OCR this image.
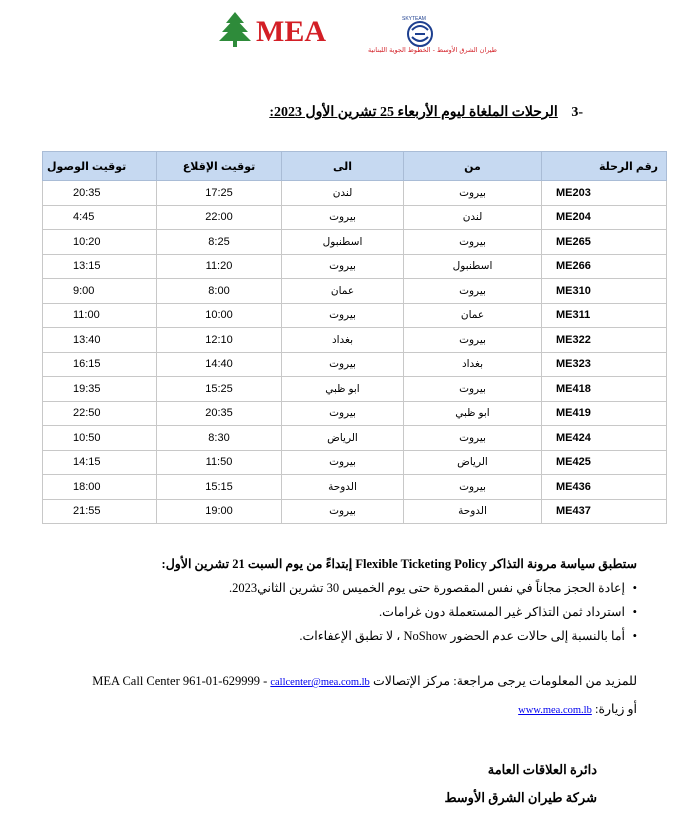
MEA
طيران الشرق الأوسط - الخطوط الجوية اللبنانية
SKYTEAM
-3 الرحلات الملغاة ليوم الأربعاء 25 تشرين الأول 2023:
رقم الرحلة	من	الى	توقيت الإقلاع	توقيت الوصول
ME203	بيروت	لندن	17:25	20:35
ME204	لندن	بيروت	22:00	4:45
ME265	بيروت	اسطنبول	8:25	10:20
ME266	اسطنبول	بيروت	11:20	13:15
ME310	بيروت	عمان	8:00	9:00
ME311	عمان	بيروت	10:00	11:00
ME322	بيروت	بغداد	12:10	13:40
ME323	بغداد	بيروت	14:40	16:15
ME418	بيروت	ابو ظبي	15:25	19:35
ME419	ابو ظبي	بيروت	20:35	22:50
ME424	بيروت	الرياض	8:30	10:50
ME425	الرياض	بيروت	11:50	14:15
ME436	بيروت	الدوحة	15:15	18:00
ME437	الدوحة	بيروت	19:00	21:55
ستطبق سياسة مرونة التذاكر Flexible Ticketing Policy إبتداءً من يوم السبت 21 تشرين الأول:
• إعادة الحجز مجاناً في نفس المقصورة حتى يوم الخميس 30 تشرين الثاني2023.
• استرداد ثمن التذاكر غير المستعملة دون غرامات.
• أما بالنسبة إلى حالات عدم الحضور NoShow ، لا تطبق الإعفاءات.
للمزيد من المعلومات يرجى مراجعة: مركز الإتصالات MEA Call Center 961-01-629999 - callcenter@mea.com.lb
أو زيارة: www.mea.com.lb
دائرة العلاقات العامة
شركة طيران الشرق الأوسط
